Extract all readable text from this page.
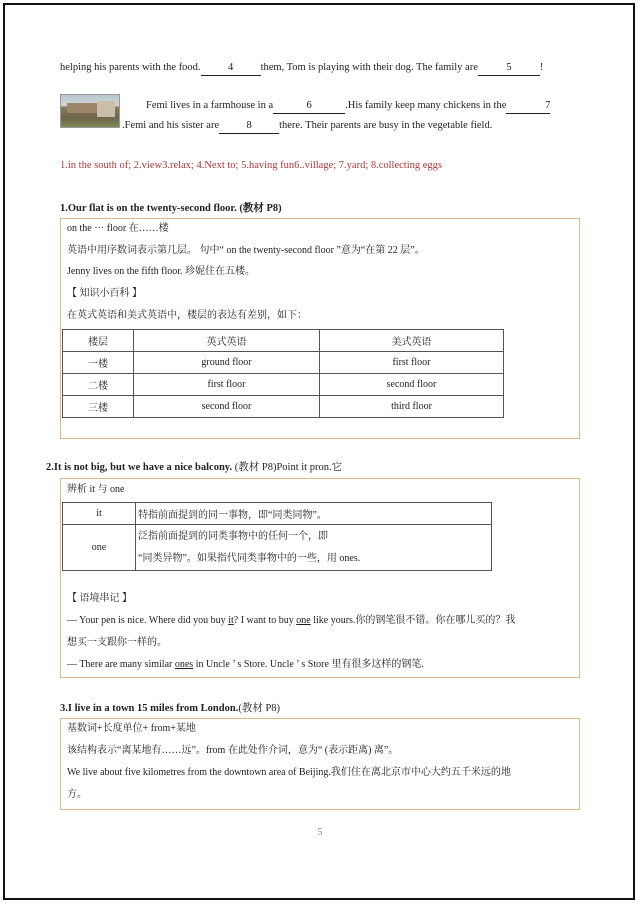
helping his parents with the food.	4	them, Tom is playing with their dog. The family are	5	!
Femi lives in a farmhouse in a	6	.His family keep many chickens in the	7
.Femi and his sister are	8	there. Their parents are busy in the vegetable field.
1.in the south of; 2.view3.relax; 4.Next to; 5.having fun6..village; 7.yard; 8.collecting eggs
1.Our flat is on the twenty-second floor. (教材 P8)
on the ··· floor 在……楼
英语中用序数词表示第几层。 句中“ on the twenty-second floor ”意为“在第 22 层”。
Jenny lives on the fifth floor. 珍妮住在五楼。
【 知识小百科 】
在英式英语和美式英语中，楼层的表达有差别，如下：
楼层	英式英语	美式英语
一楼	ground floor	first floor
二楼	first floor	second floor
三楼	second floor	third floor
2.It is not big, but we have a nice balcony. (教材 P8)Point it pron.它
辨析 it 与 one
it	特指前面提到的同一事物，即“同类同物”。
one	泛指前面提到的同类事物中的任何一个，即
“同类异物”。如果指代同类事物中的一些，用 ones.
【 语境串记 】
— Your pen is nice. Where did you buy it? I want to buy one like yours.你的钢笔很不错。你在哪儿买的？我
想买一支跟你一样的。
— There are many similar ones in Uncle ’ s Store. Uncle ’ s Store 里有很多这样的钢笔.
3.I live in a town 15 miles from London.(教材 P8)
基数词+长度单位+ from+某地
该结构表示“离某地有……远”。from 在此处作介词，意为“ (表示距离) 离”。
We live about five kilometres from the downtown area of Beijing.我们住在离北京市中心大约五千米远的地
方。
5
